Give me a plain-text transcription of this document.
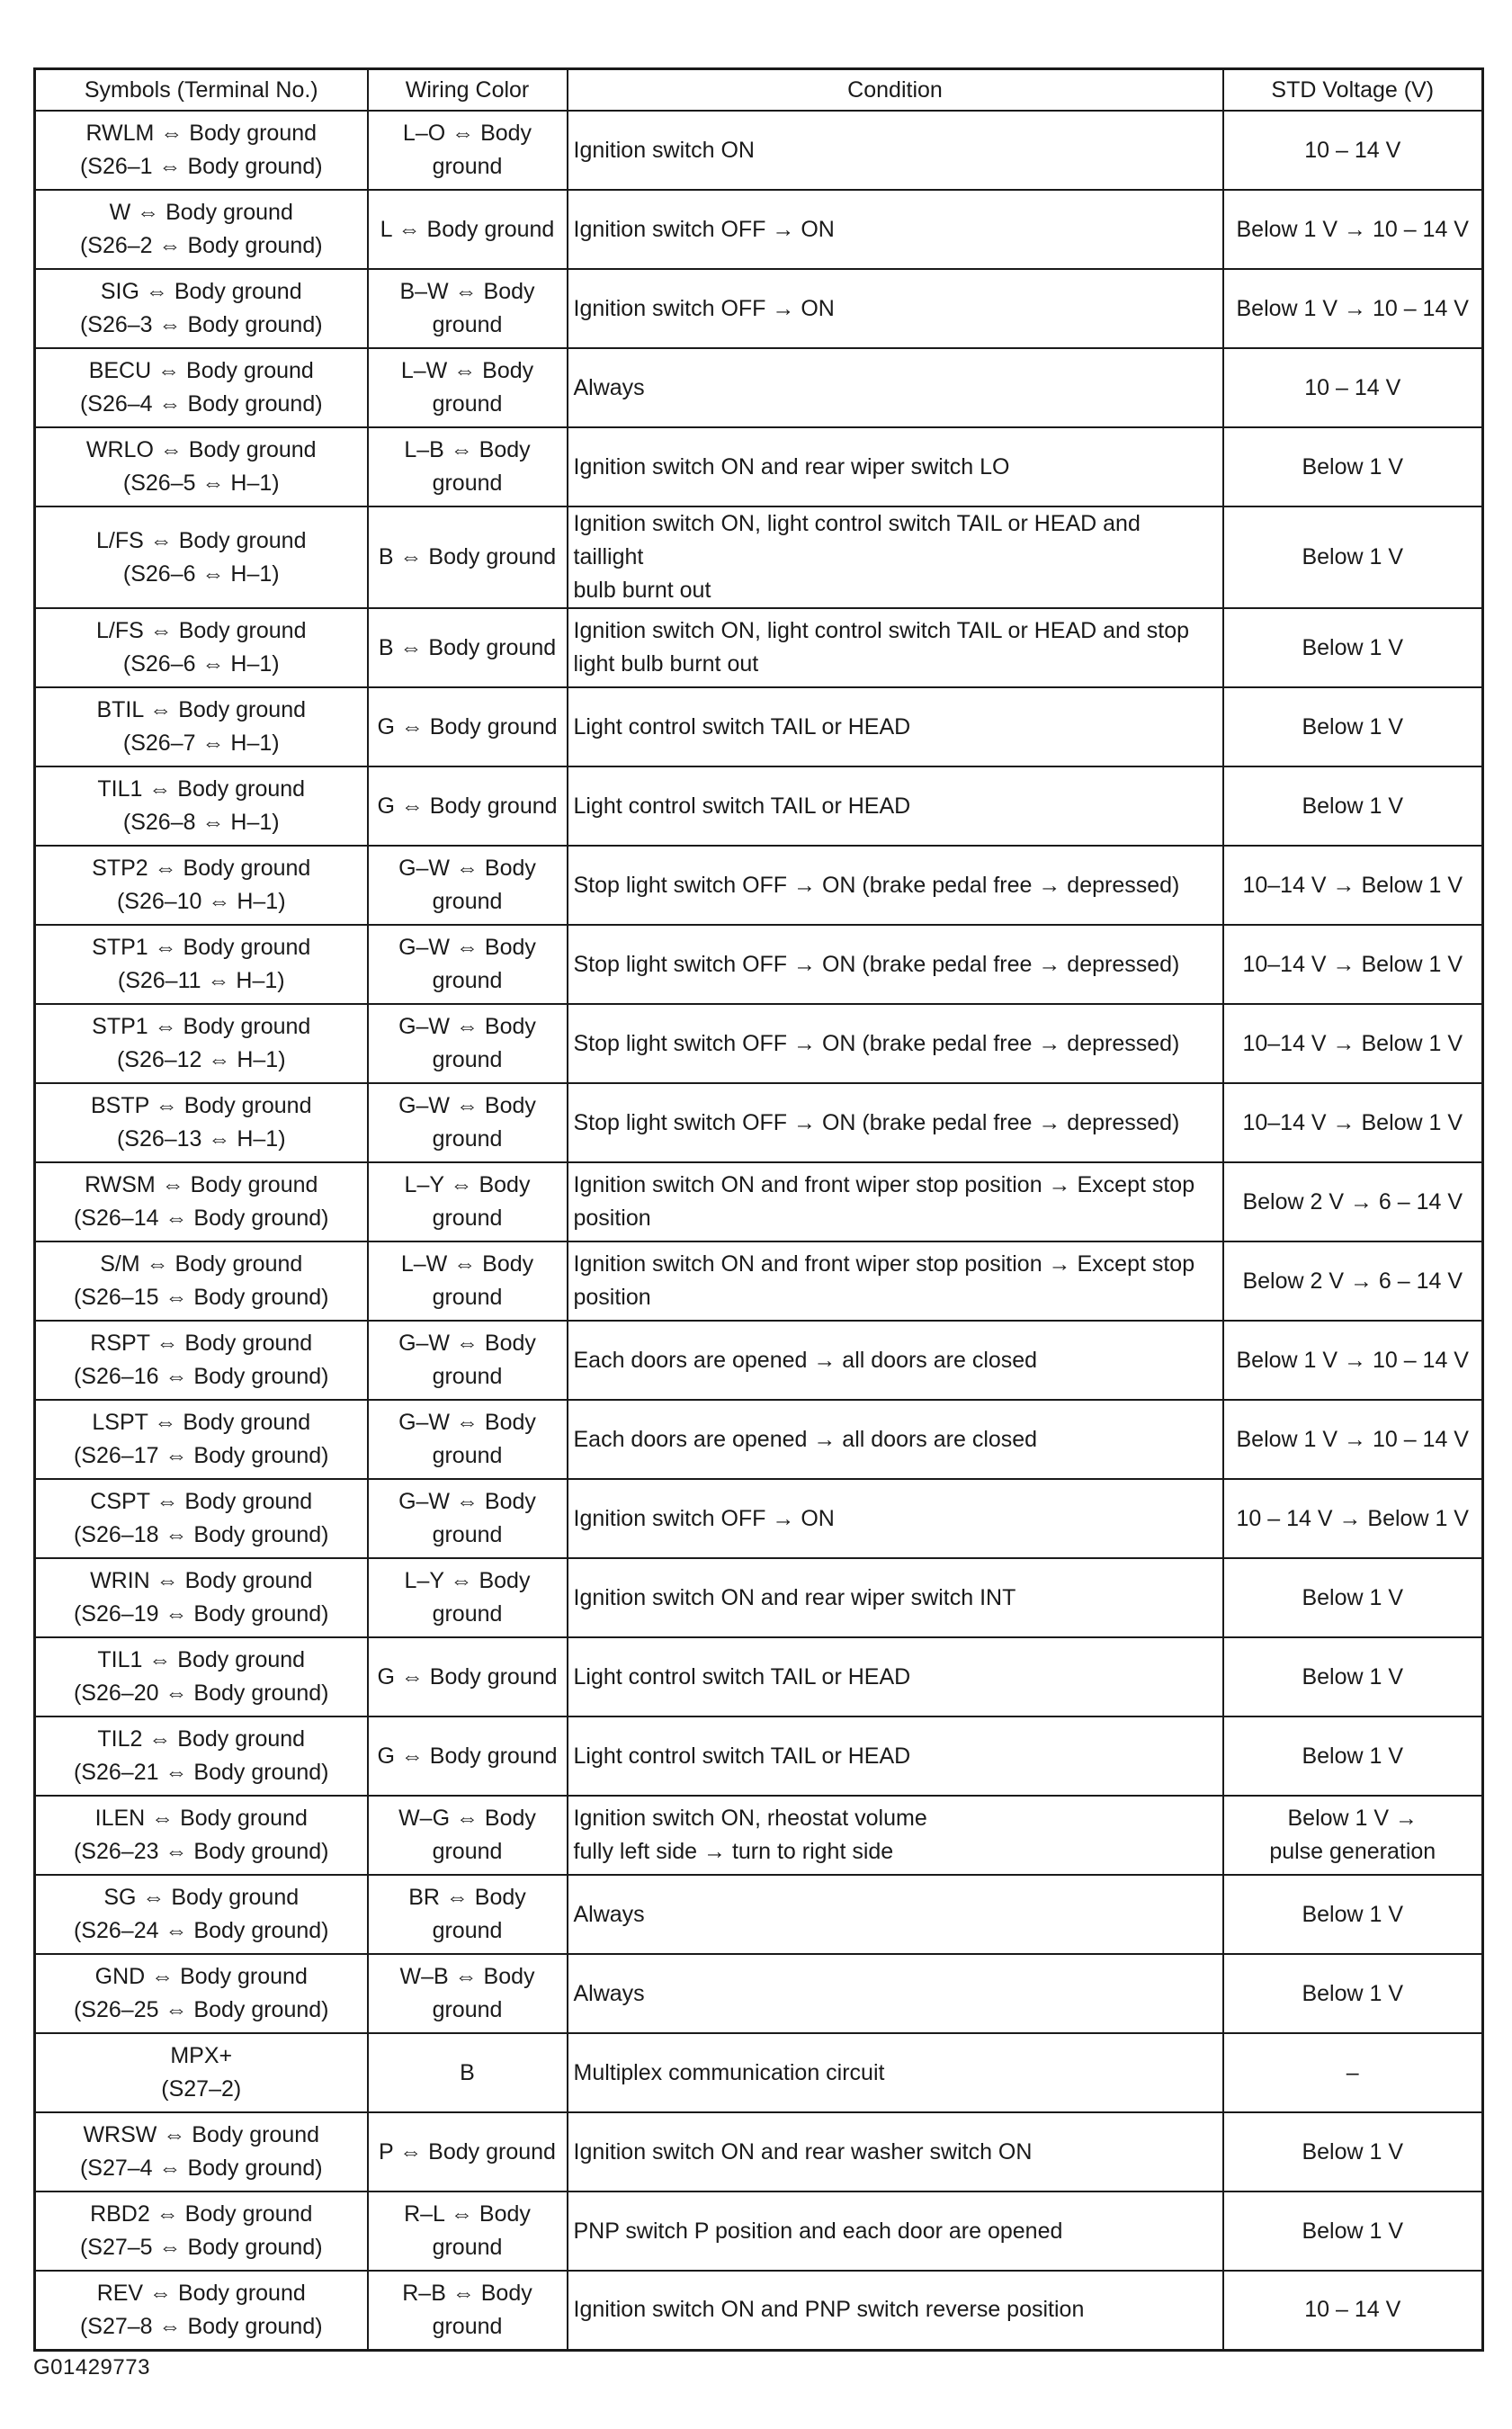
Symbols (Terminal No.)	Wiring Color	Condition	STD Voltage (V)

RWLM ⇔ Body ground
(S26–1 ⇔ Body ground)	L–O ⇔ Body
ground	Ignition switch ON	10 – 14 V

W ⇔ Body ground
(S26–2 ⇔ Body ground)	L ⇔ Body ground	Ignition switch OFF → ON	Below 1 V → 10 – 14 V

SIG ⇔ Body ground
(S26–3 ⇔ Body ground)	B–W ⇔ Body
ground	Ignition switch OFF → ON	Below 1 V → 10 – 14 V

BECU ⇔ Body ground
(S26–4 ⇔ Body ground)	L–W ⇔ Body
ground	Always	10 – 14 V

WRLO ⇔ Body ground
(S26–5 ⇔ H–1)	L–B ⇔ Body
ground	Ignition switch ON and rear wiper switch LO	Below 1 V

L/FS ⇔ Body ground
(S26–6 ⇔ H–1)	B ⇔ Body ground	Ignition switch ON, light control switch TAIL or HEAD and taillight
bulb burnt out	Below 1 V

L/FS ⇔ Body ground
(S26–6 ⇔ H–1)	B ⇔ Body ground	Ignition switch ON, light control switch TAIL or HEAD and stop
light bulb burnt out	Below 1 V

BTIL ⇔ Body ground
(S26–7 ⇔ H–1)	G ⇔ Body ground	Light control switch TAIL or HEAD	Below 1 V

TIL1 ⇔ Body ground
(S26–8 ⇔ H–1)	G ⇔ Body ground	Light control switch TAIL or HEAD	Below 1 V

STP2 ⇔ Body ground
(S26–10 ⇔ H–1)	G–W ⇔ Body
ground	Stop light switch OFF → ON (brake pedal free → depressed)	10–14 V → Below 1 V

STP1 ⇔ Body ground
(S26–11 ⇔ H–1)	G–W ⇔ Body
ground	Stop light switch OFF → ON (brake pedal free → depressed)	10–14 V → Below 1 V

STP1 ⇔ Body ground
(S26–12 ⇔ H–1)	G–W ⇔ Body
ground	Stop light switch OFF → ON (brake pedal free → depressed)	10–14 V → Below 1 V

BSTP ⇔ Body ground
(S26–13 ⇔ H–1)	G–W ⇔ Body
ground	Stop light switch OFF → ON (brake pedal free → depressed)	10–14 V → Below 1 V

RWSM ⇔ Body ground
(S26–14 ⇔ Body ground)	L–Y ⇔ Body
ground	Ignition switch ON and front wiper stop position → Except stop
position	Below 2 V → 6 – 14 V

S/M ⇔ Body ground
(S26–15 ⇔ Body ground)	L–W ⇔ Body
ground	Ignition switch ON and front wiper stop position → Except stop
position	Below 2 V → 6 – 14 V

RSPT ⇔ Body ground
(S26–16 ⇔ Body ground)	G–W ⇔ Body
ground	Each doors are opened → all doors are closed	Below 1 V → 10 – 14 V

LSPT ⇔ Body ground
(S26–17 ⇔ Body ground)	G–W ⇔ Body
ground	Each doors are opened → all doors are closed	Below 1 V → 10 – 14 V

CSPT ⇔ Body ground
(S26–18 ⇔ Body ground)	G–W ⇔ Body
ground	Ignition switch OFF → ON	10 – 14 V → Below 1 V

WRIN ⇔ Body ground
(S26–19 ⇔ Body ground)	L–Y ⇔ Body
ground	Ignition switch ON and rear wiper switch INT	Below 1 V

TIL1 ⇔ Body ground
(S26–20 ⇔ Body ground)	G ⇔ Body ground	Light control switch TAIL or HEAD	Below 1 V

TIL2 ⇔ Body ground
(S26–21 ⇔ Body ground)	G ⇔ Body ground	Light control switch TAIL or HEAD	Below 1 V

ILEN ⇔ Body ground
(S26–23 ⇔ Body ground)	W–G ⇔ Body
ground	Ignition switch ON, rheostat volume
fully left side → turn to right side	Below 1 V →
pulse generation

SG ⇔ Body ground
(S26–24 ⇔ Body ground)	BR ⇔ Body
ground	Always	Below 1 V

GND ⇔ Body ground
(S26–25 ⇔ Body ground)	W–B ⇔ Body
ground	Always	Below 1 V

MPX+
(S27–2)	B	Multiplex communication circuit	–

WRSW ⇔ Body ground
(S27–4 ⇔ Body ground)	P ⇔ Body ground	Ignition switch ON and rear washer switch ON	Below 1 V

RBD2 ⇔ Body ground
(S27–5 ⇔ Body ground)	R–L ⇔ Body
ground	PNP switch P position and each door are opened	Below 1 V

REV ⇔ Body ground
(S27–8 ⇔ Body ground)	R–B ⇔ Body
ground	Ignition switch ON and PNP switch reverse position	10 – 14 V
G01429773
